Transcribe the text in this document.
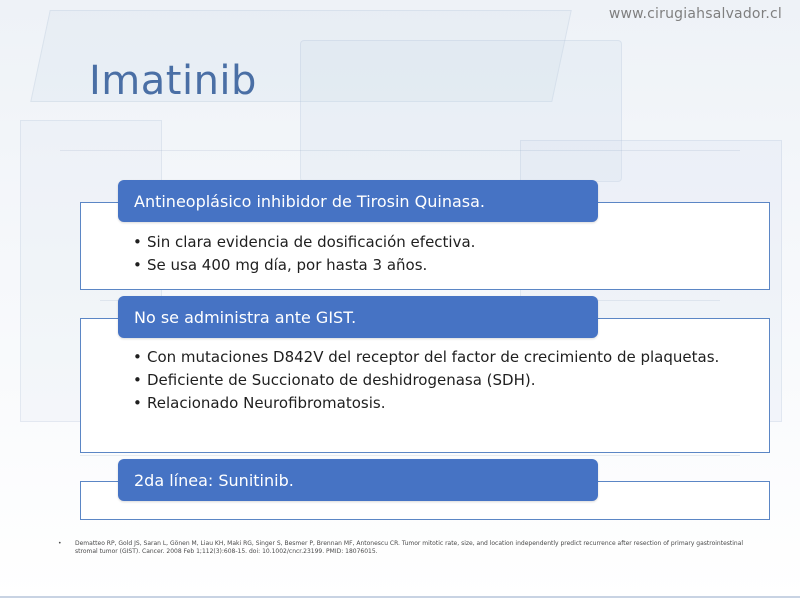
www.cirugiahsalvador.cl
Imatinib
Antineoplásico inhibidor de Tirosin Quinasa.
• Sin clara evidencia de dosificación efectiva.
• Se usa 400 mg día, por hasta 3 años.
No se administra ante GIST.
• Con mutaciones D842V del receptor del factor de crecimiento de plaquetas.
• Deficiente de Succionato de deshidrogenasa (SDH).
• Relacionado Neurofibromatosis.
2da línea: Sunitinib.
• Dematteo RP, Gold JS, Saran L, Gönen M, Liau KH, Maki RG, Singer S, Besmer P, Brennan MF, Antonescu CR. Tumor mitotic rate, size, and location independently predict recurrence after resection of primary gastrointestinal stromal tumor (GIST). Cancer. 2008 Feb 1;112(3):608-15. doi: 10.1002/cncr.23199. PMID: 18076015.
